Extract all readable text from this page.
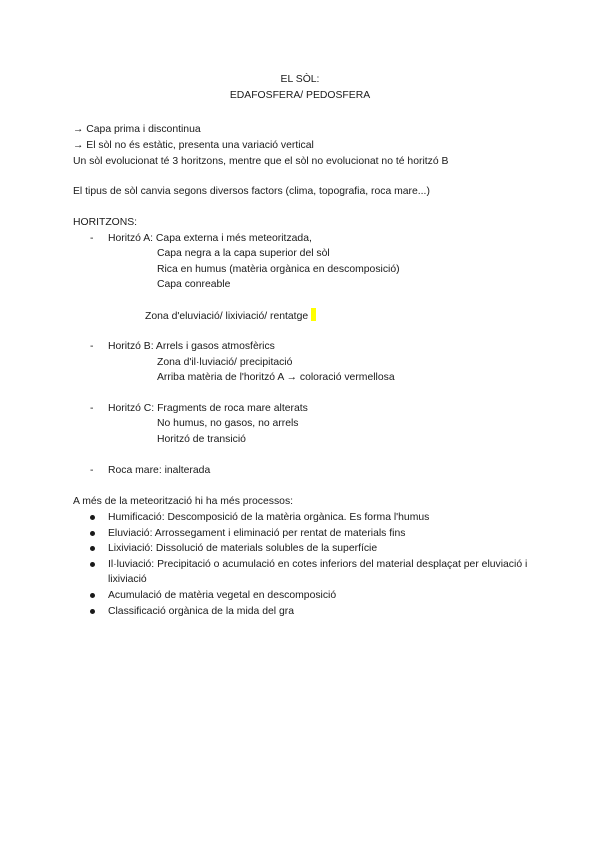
EL SÒL:
EDAFOSFERA/ PEDOSFERA
→ Capa prima i discontinua
→ El sòl no és estàtic, presenta una variació vertical
Un sòl evolucionat té 3 horitzons, mentre que el sòl no evolucionat no té horitzó B
El tipus de sòl canvia segons diversos factors (clima, topografia, roca mare...)
HORITZONS:
- Horitzó A: Capa externa i més meteoritzada,
Capa negra a la capa superior del sòl
Rica en humus (matèria orgànica en descomposició)
Capa conreable
Zona d'eluviació/ lixiviació/ rentatge
- Horitzó B: Arrels i gasos atmosfèrics
Zona d'il·luviació/ precipitació
Arriba matèria de l'horitzó A → coloració vermellosa
- Horitzó C: Fragments de roca mare alterats
No humus, no gasos, no arrels
Horitzó de transició
- Roca mare: inalterada
A més de la meteorització hi ha més processos:
Humificació: Descomposició de la matèria orgànica. Es forma l'humus
Eluviació: Arrossegament i eliminació per rentat de materials fins
Lixiviació: Dissolució de materials solubles de la superfície
Il·luviació: Precipitació o acumulació en cotes inferiors del material desplaçat per eluviació i
lixiviació
Acumulació de matèria vegetal en descomposició
Classificació orgànica de la mida del gra
